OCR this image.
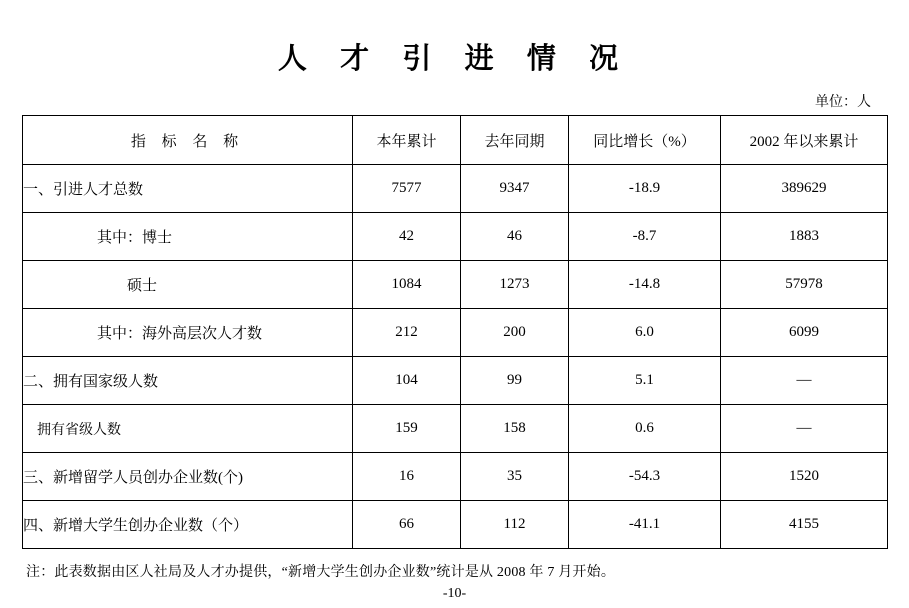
人 才 引 进 情 况
单位：人
指 标 名 称	本年累计	去年同期	同比增长（%）	2002 年以来累计
一、引进人才总数	7577	9347	-18.9	389629
其中：博士	42	46	-8.7	1883
硕士	1084	1273	-14.8	57978
其中：海外高层次人才数	212	200	6.0	6099
二、拥有国家级人数	104	99	5.1	—
拥有省级人数	159	158	0.6	—
三、新增留学人员创办企业数(个)	16	35	-54.3	1520
四、新增大学生创办企业数（个）	66	112	-41.1	4155
注：此表数据由区人社局及人才办提供，“新增大学生创办企业数”统计是从 2008 年 7 月开始。
-10-
